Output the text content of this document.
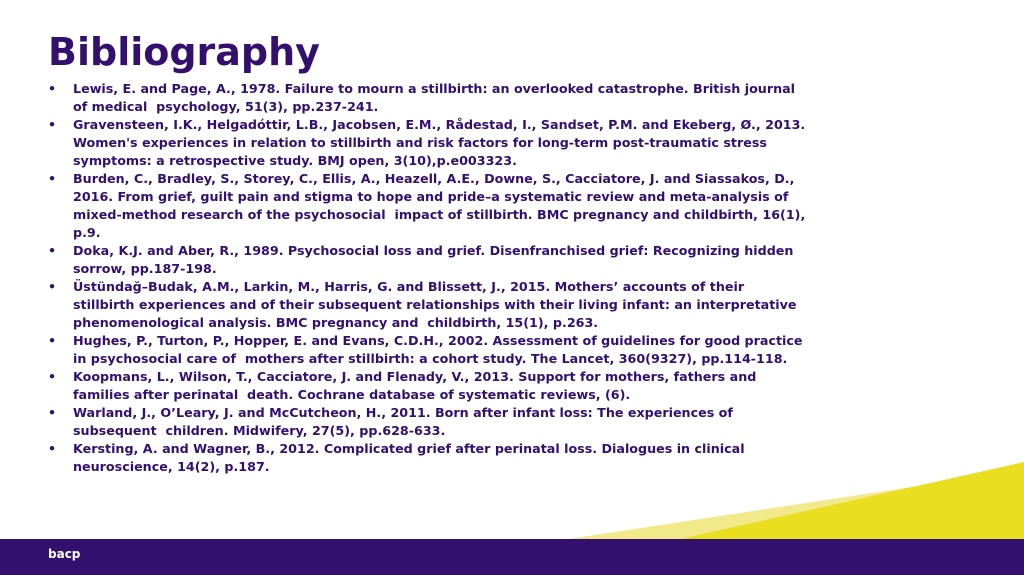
Bibliography
• Lewis, E. and Page, A., 1978. Failure to mourn a stillbirth: an overlooked catastrophe. British journal of medical  psychology, 51(3), pp.237-241.
• Gravensteen, I.K., Helgadóttir, L.B., Jacobsen, E.M., Rådestad, I., Sandset, P.M. and Ekeberg, Ø., 2013. Women's experiences in relation to stillbirth and risk factors for long-term post-traumatic stress symptoms: a retrospective study. BMJ open, 3(10),p.e003323.
• Burden, C., Bradley, S., Storey, C., Ellis, A., Heazell, A.E., Downe, S., Cacciatore, J. and Siassakos, D., 2016. From grief, guilt pain and stigma to hope and pride–a systematic review and meta-analysis of mixed-method research of the psychosocial  impact of stillbirth. BMC pregnancy and childbirth, 16(1), p.9.
• Doka, K.J. and Aber, R., 1989. Psychosocial loss and grief. Disenfranchised grief: Recognizing hidden sorrow, pp.187-198.
• Üstündağ–Budak, A.M., Larkin, M., Harris, G. and Blissett, J., 2015. Mothers’ accounts of their stillbirth experiences and of their subsequent relationships with their living infant: an interpretative phenomenological analysis. BMC pregnancy and  childbirth, 15(1), p.263.
• Hughes, P., Turton, P., Hopper, E. and Evans, C.D.H., 2002. Assessment of guidelines for good practice in psychosocial care of  mothers after stillbirth: a cohort study. The Lancet, 360(9327), pp.114-118.
• Koopmans, L., Wilson, T., Cacciatore, J. and Flenady, V., 2013. Support for mothers, fathers and families after perinatal  death. Cochrane database of systematic reviews, (6).
• Warland, J., O’Leary, J. and McCutcheon, H., 2011. Born after infant loss: The experiences of subsequent  children. Midwifery, 27(5), pp.628-633.
• Kersting, A. and Wagner, B., 2012. Complicated grief after perinatal loss. Dialogues in clinical neuroscience, 14(2), p.187.
bacp
